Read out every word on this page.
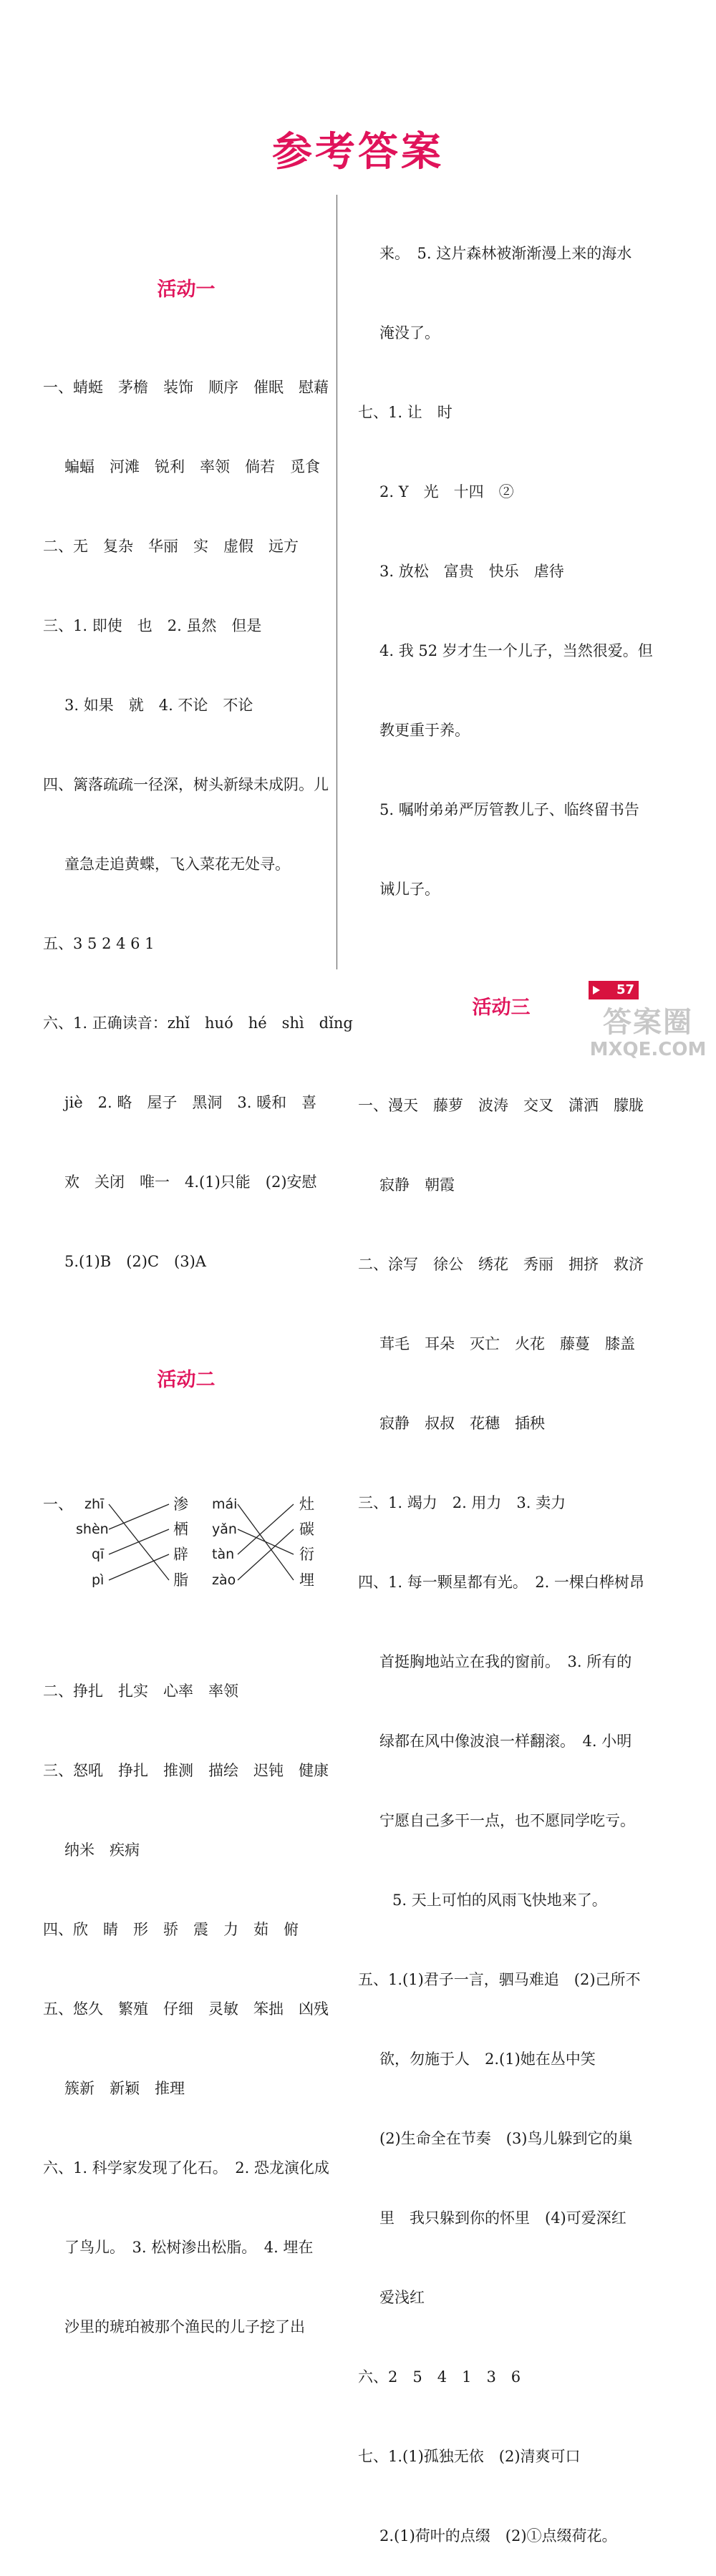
参考答案

活动一

一、蜻蜓　茅檐　装饰　顺序　催眠　慰藉

蝙蝠　河滩　锐利　率领　倘若　觅食

二、无　复杂　华丽　实　虚假　远方

三、1. 即使　也　2. 虽然　但是

3. 如果　就　4. 不论　不论

四、篱落疏疏一径深，树头新绿未成阴。儿

童急走追黄蝶，飞入菜花无处寻。

五、3 5 2 4 6 1

六、1. 正确读音：zhǐ　huó　hé　shì　dǐng

jiè　2. 略　屋子　黑洞　3. 暖和　喜

欢　关闭　唯一　4.(1)只能　(2)安慰

5.(1)B　(2)C　(3)A

活动二

一、

zhī

shèn

qī

pì

渗

栖

辟

脂

mái

yǎn

tàn

zào

灶

碳

衍

埋

二、挣扎　扎实　心率　率领

三、怒吼　挣扎　推测　描绘　迟钝　健康

纳米　疾病

四、欣　睛　形　骄　震　力　茹　俯

五、悠久　繁殖　仔细　灵敏　笨拙　凶残

簇新　新颖　推理

六、1. 科学家发现了化石。　2. 恐龙演化成

了鸟儿。　3. 松树渗出松脂。　4. 埋在

沙里的琥珀被那个渔民的儿子挖了出

来。　5. 这片森林被渐渐漫上来的海水

淹没了。

七、1. 让　时

2. Y　光　十四　②

3. 放松　富贵　快乐　虐待

4. 我 52 岁才生一个儿子，当然很爱。但

教更重于养。

5. 嘱咐弟弟严厉管教儿子、临终留书告

诫儿子。

活动三

一、漫天　藤萝　波涛　交叉　潇洒　朦胧

寂静　朝霞

二、涂写　徐公　绣花　秀丽　拥挤　救济

茸毛　耳朵　灭亡　火花　藤蔓　膝盖

寂静　叔叔　花穗　插秧

三、1. 竭力　2. 用力　3. 卖力

四、1. 每一颗星都有光。　2. 一棵白桦树昂

首挺胸地站立在我的窗前。　3. 所有的

绿都在风中像波浪一样翻滚。　4. 小明

宁愿自己多干一点，也不愿同学吃亏。

5. 天上可怕的风雨飞快地来了。

五、1.(1)君子一言，驷马难追　(2)己所不

欲，勿施于人　2.(1)她在丛中笑

(2)生命全在节奏　(3)鸟儿躲到它的巢

里　我只躲到你的怀里　(4)可爱深红

爱浅红

六、2　5　4　1　3　6

七、1.(1)孤独无依　(2)清爽可口

2.(1)荷叶的点缀　(2)①点缀荷花。

57
答案圈
MXQE.COM
